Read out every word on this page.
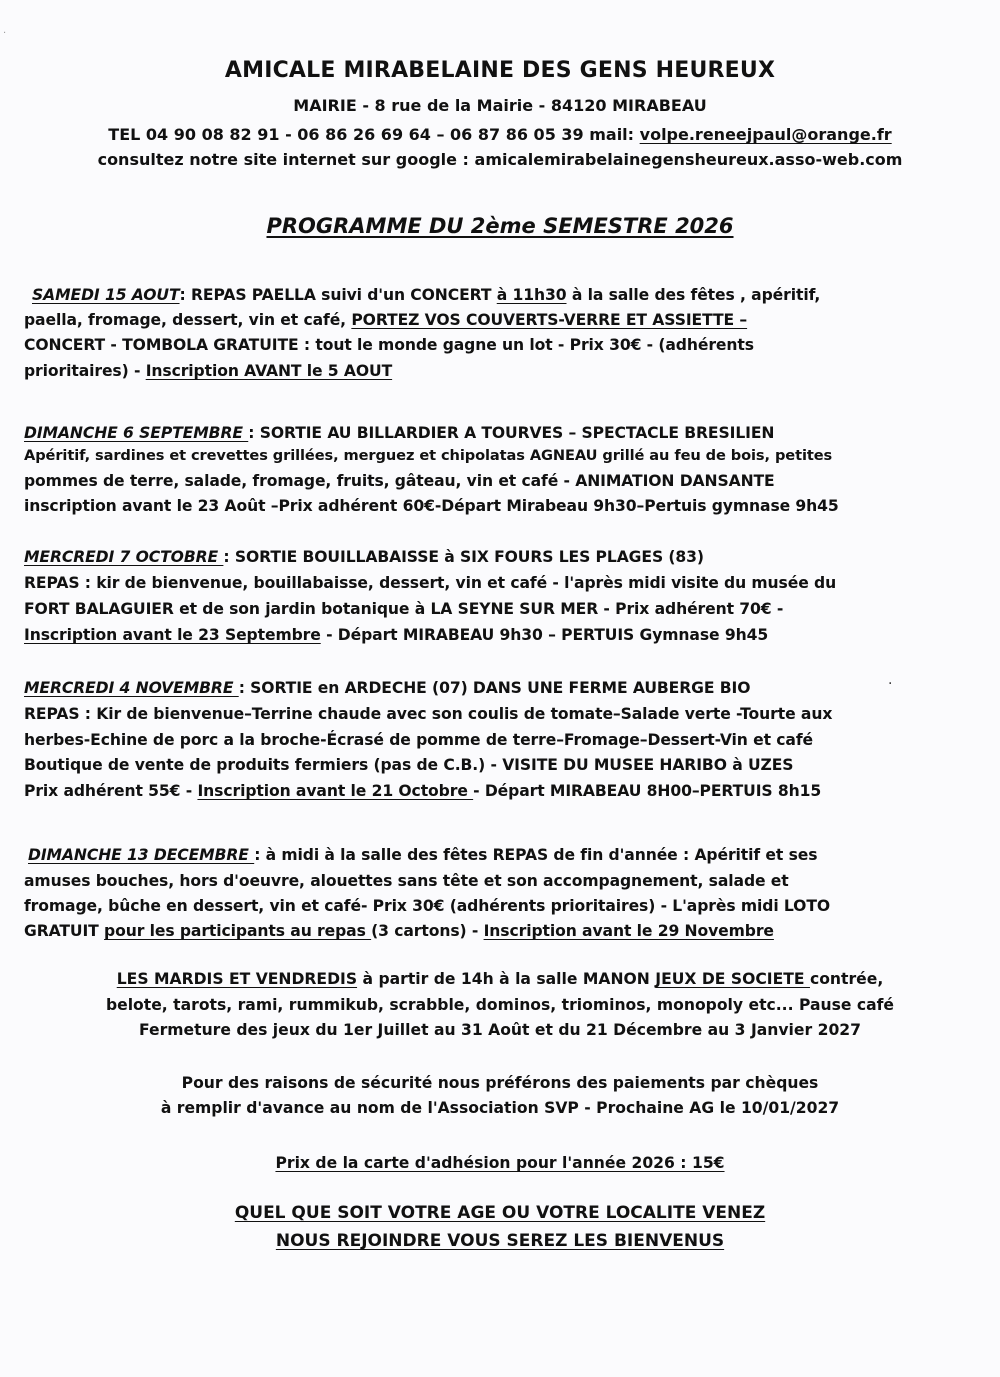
AMICALE MIRABELAINE DES GENS HEUREUX
MAIRIE - 8 rue de la Mairie - 84120 MIRABEAU
TEL 04 90 08 82 91 - 06 86 26 69 64 – 06 87 86 05 39 mail: volpe.reneejpaul@orange.fr
consultez notre site internet sur google : amicalemirabelainegensheureux.asso-web.com
PROGRAMME DU 2ème SEMESTRE 2026
SAMEDI 15 AOUT: REPAS PAELLA suivi d'un CONCERT à 11h30 à la salle des fêtes , apéritif,
paella, fromage, dessert, vin et café, PORTEZ VOS COUVERTS-VERRE ET ASSIETTE –
CONCERT - TOMBOLA GRATUITE : tout le monde gagne un lot - Prix 30€ - (adhérents
prioritaires) - Inscription AVANT le 5 AOUT
DIMANCHE 6 SEPTEMBRE : SORTIE AU BILLARDIER A TOURVES – SPECTACLE BRESILIEN
Apéritif, sardines et crevettes grillées, merguez et chipolatas AGNEAU grillé au feu de bois, petites
pommes de terre, salade, fromage, fruits, gâteau, vin et café - ANIMATION DANSANTE
inscription avant le 23 Août –Prix adhérent 60€-Départ Mirabeau 9h30–Pertuis gymnase 9h45
MERCREDI 7 OCTOBRE : SORTIE BOUILLABAISSE à SIX FOURS LES PLAGES (83)
REPAS : kir de bienvenue, bouillabaisse, dessert, vin et café - l'après midi visite du musée du
FORT BALAGUIER et de son jardin botanique à LA SEYNE SUR MER - Prix adhérent 70€ -
Inscription avant le 23 Septembre - Départ MIRABEAU 9h30 – PERTUIS Gymnase 9h45
MERCREDI 4 NOVEMBRE : SORTIE en ARDECHE (07) DANS UNE FERME AUBERGE BIO
REPAS : Kir de bienvenue–Terrine chaude avec son coulis de tomate–Salade verte -Tourte aux
herbes-Echine de porc a la broche-Écrasé de pomme de terre–Fromage–Dessert-Vin et café
Boutique de vente de produits fermiers (pas de C.B.) - VISITE DU MUSEE HARIBO à UZES
Prix adhérent 55€ - Inscription avant le 21 Octobre - Départ MIRABEAU 8H00–PERTUIS 8h15
DIMANCHE 13 DECEMBRE : à midi à la salle des fêtes REPAS de fin d'année : Apéritif et ses
amuses bouches, hors d'oeuvre, alouettes sans tête et son accompagnement, salade et
fromage, bûche en dessert, vin et café- Prix 30€ (adhérents prioritaires) - L'après midi LOTO
GRATUIT pour les participants au repas (3 cartons) - Inscription avant le 29 Novembre
LES MARDIS ET VENDREDIS à partir de 14h à la salle MANON JEUX DE SOCIETE contrée,
belote, tarots, rami, rummikub, scrabble, dominos, triominos, monopoly etc... Pause café
Fermeture des jeux du 1er Juillet au 31 Août et du 21 Décembre au 3 Janvier 2027
Pour des raisons de sécurité nous préférons des paiements par chèques
à remplir d'avance au nom de l'Association SVP - Prochaine AG le 10/01/2027
Prix de la carte d'adhésion pour l'année 2026 : 15€
QUEL QUE SOIT VOTRE AGE OU VOTRE LOCALITE VENEZ
NOUS REJOINDRE VOUS SEREZ LES BIENVENUS
·
·
